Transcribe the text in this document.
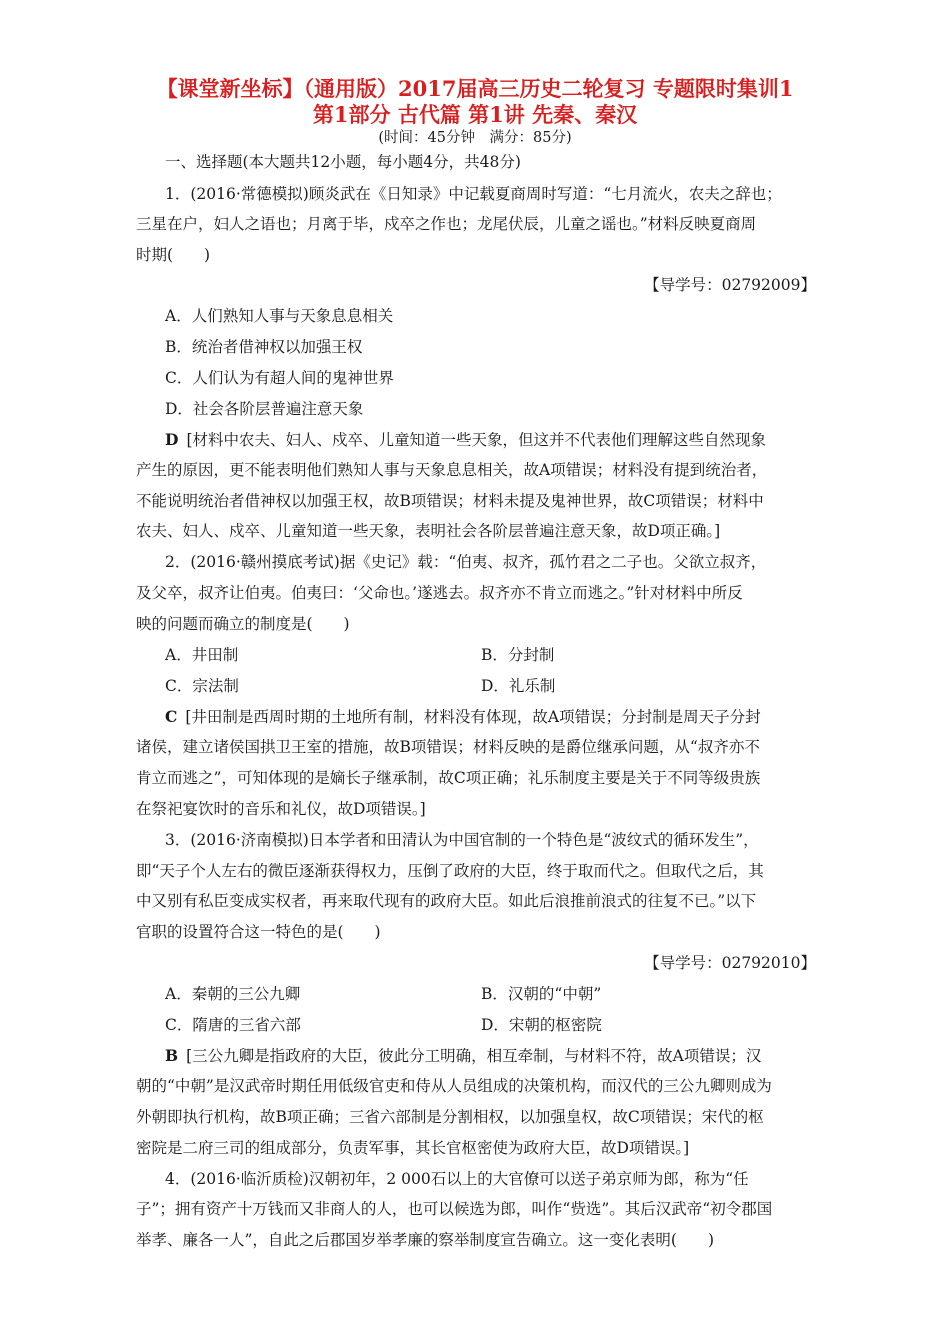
【课堂新坐标】（通用版）2017届高三历史二轮复习 专题限时集训1
第1部分 古代篇 第1讲 先秦、秦汉
(时间：45分钟　满分：85分)
一、选择题(本大题共12小题，每小题4分，共48分)
1．(2016·常德模拟)顾炎武在《日知录》中记载夏商周时写道：“七月流火，农夫之辞也；
三星在户，妇人之语也；月离于毕，戍卒之作也；龙尾伏辰，儿童之谣也。”材料反映夏商周
时期(　　)
【导学号：02792009】
A．人们熟知人事与天象息息相关
B．统治者借神权以加强王权
C．人们认为有超人间的鬼神世界
D．社会各阶层普遍注意天象
D [材料中农夫、妇人、戍卒、儿童知道一些天象，但这并不代表他们理解这些自然现象
产生的原因，更不能表明他们熟知人事与天象息息相关，故A项错误；材料没有提到统治者，
不能说明统治者借神权以加强王权，故B项错误；材料未提及鬼神世界，故C项错误；材料中
农夫、妇人、戍卒、儿童知道一些天象，表明社会各阶层普遍注意天象，故D项正确。]
2．(2016·赣州摸底考试)据《史记》载：“伯夷、叔齐，孤竹君之二子也。父欲立叔齐，
及父卒，叔齐让伯夷。伯夷曰：‘父命也。’遂逃去。叔齐亦不肯立而逃之。”针对材料中所反
映的问题而确立的制度是(　　)
A．井田制	B．分封制
C．宗法制	D．礼乐制
C [井田制是西周时期的土地所有制，材料没有体现，故A项错误；分封制是周天子分封
诸侯，建立诸侯国拱卫王室的措施，故B项错误；材料反映的是爵位继承问题，从“叔齐亦不
肯立而逃之”，可知体现的是嫡长子继承制，故C项正确；礼乐制度主要是关于不同等级贵族
在祭祀宴饮时的音乐和礼仪，故D项错误。]
3．(2016·济南模拟)日本学者和田清认为中国官制的一个特色是“波纹式的循环发生”，
即“天子个人左右的微臣逐渐获得权力，压倒了政府的大臣，终于取而代之。但取代之后，其
中又别有私臣变成实权者，再来取代现有的政府大臣。如此后浪推前浪式的往复不已。”以下
官职的设置符合这一特色的是(　　)
【导学号：02792010】
A．秦朝的三公九卿	B．汉朝的“中朝”
C．隋唐的三省六部	D．宋朝的枢密院
B [三公九卿是指政府的大臣，彼此分工明确，相互牵制，与材料不符，故A项错误；汉
朝的“中朝”是汉武帝时期任用低级官吏和侍从人员组成的决策机构，而汉代的三公九卿则成为
外朝即执行机构，故B项正确；三省六部制是分割相权，以加强皇权，故C项错误；宋代的枢
密院是二府三司的组成部分，负责军事，其长官枢密使为政府大臣，故D项错误。]
4．(2016·临沂质检)汉朝初年，2 000石以上的大官僚可以送子弟京师为郎，称为“任
子”；拥有资产十万钱而又非商人的人，也可以候选为郎，叫作“赀选”。其后汉武帝“初令郡国
举孝、廉各一人”，自此之后郡国岁举孝廉的察举制度宣告确立。这一变化表明(　　)
